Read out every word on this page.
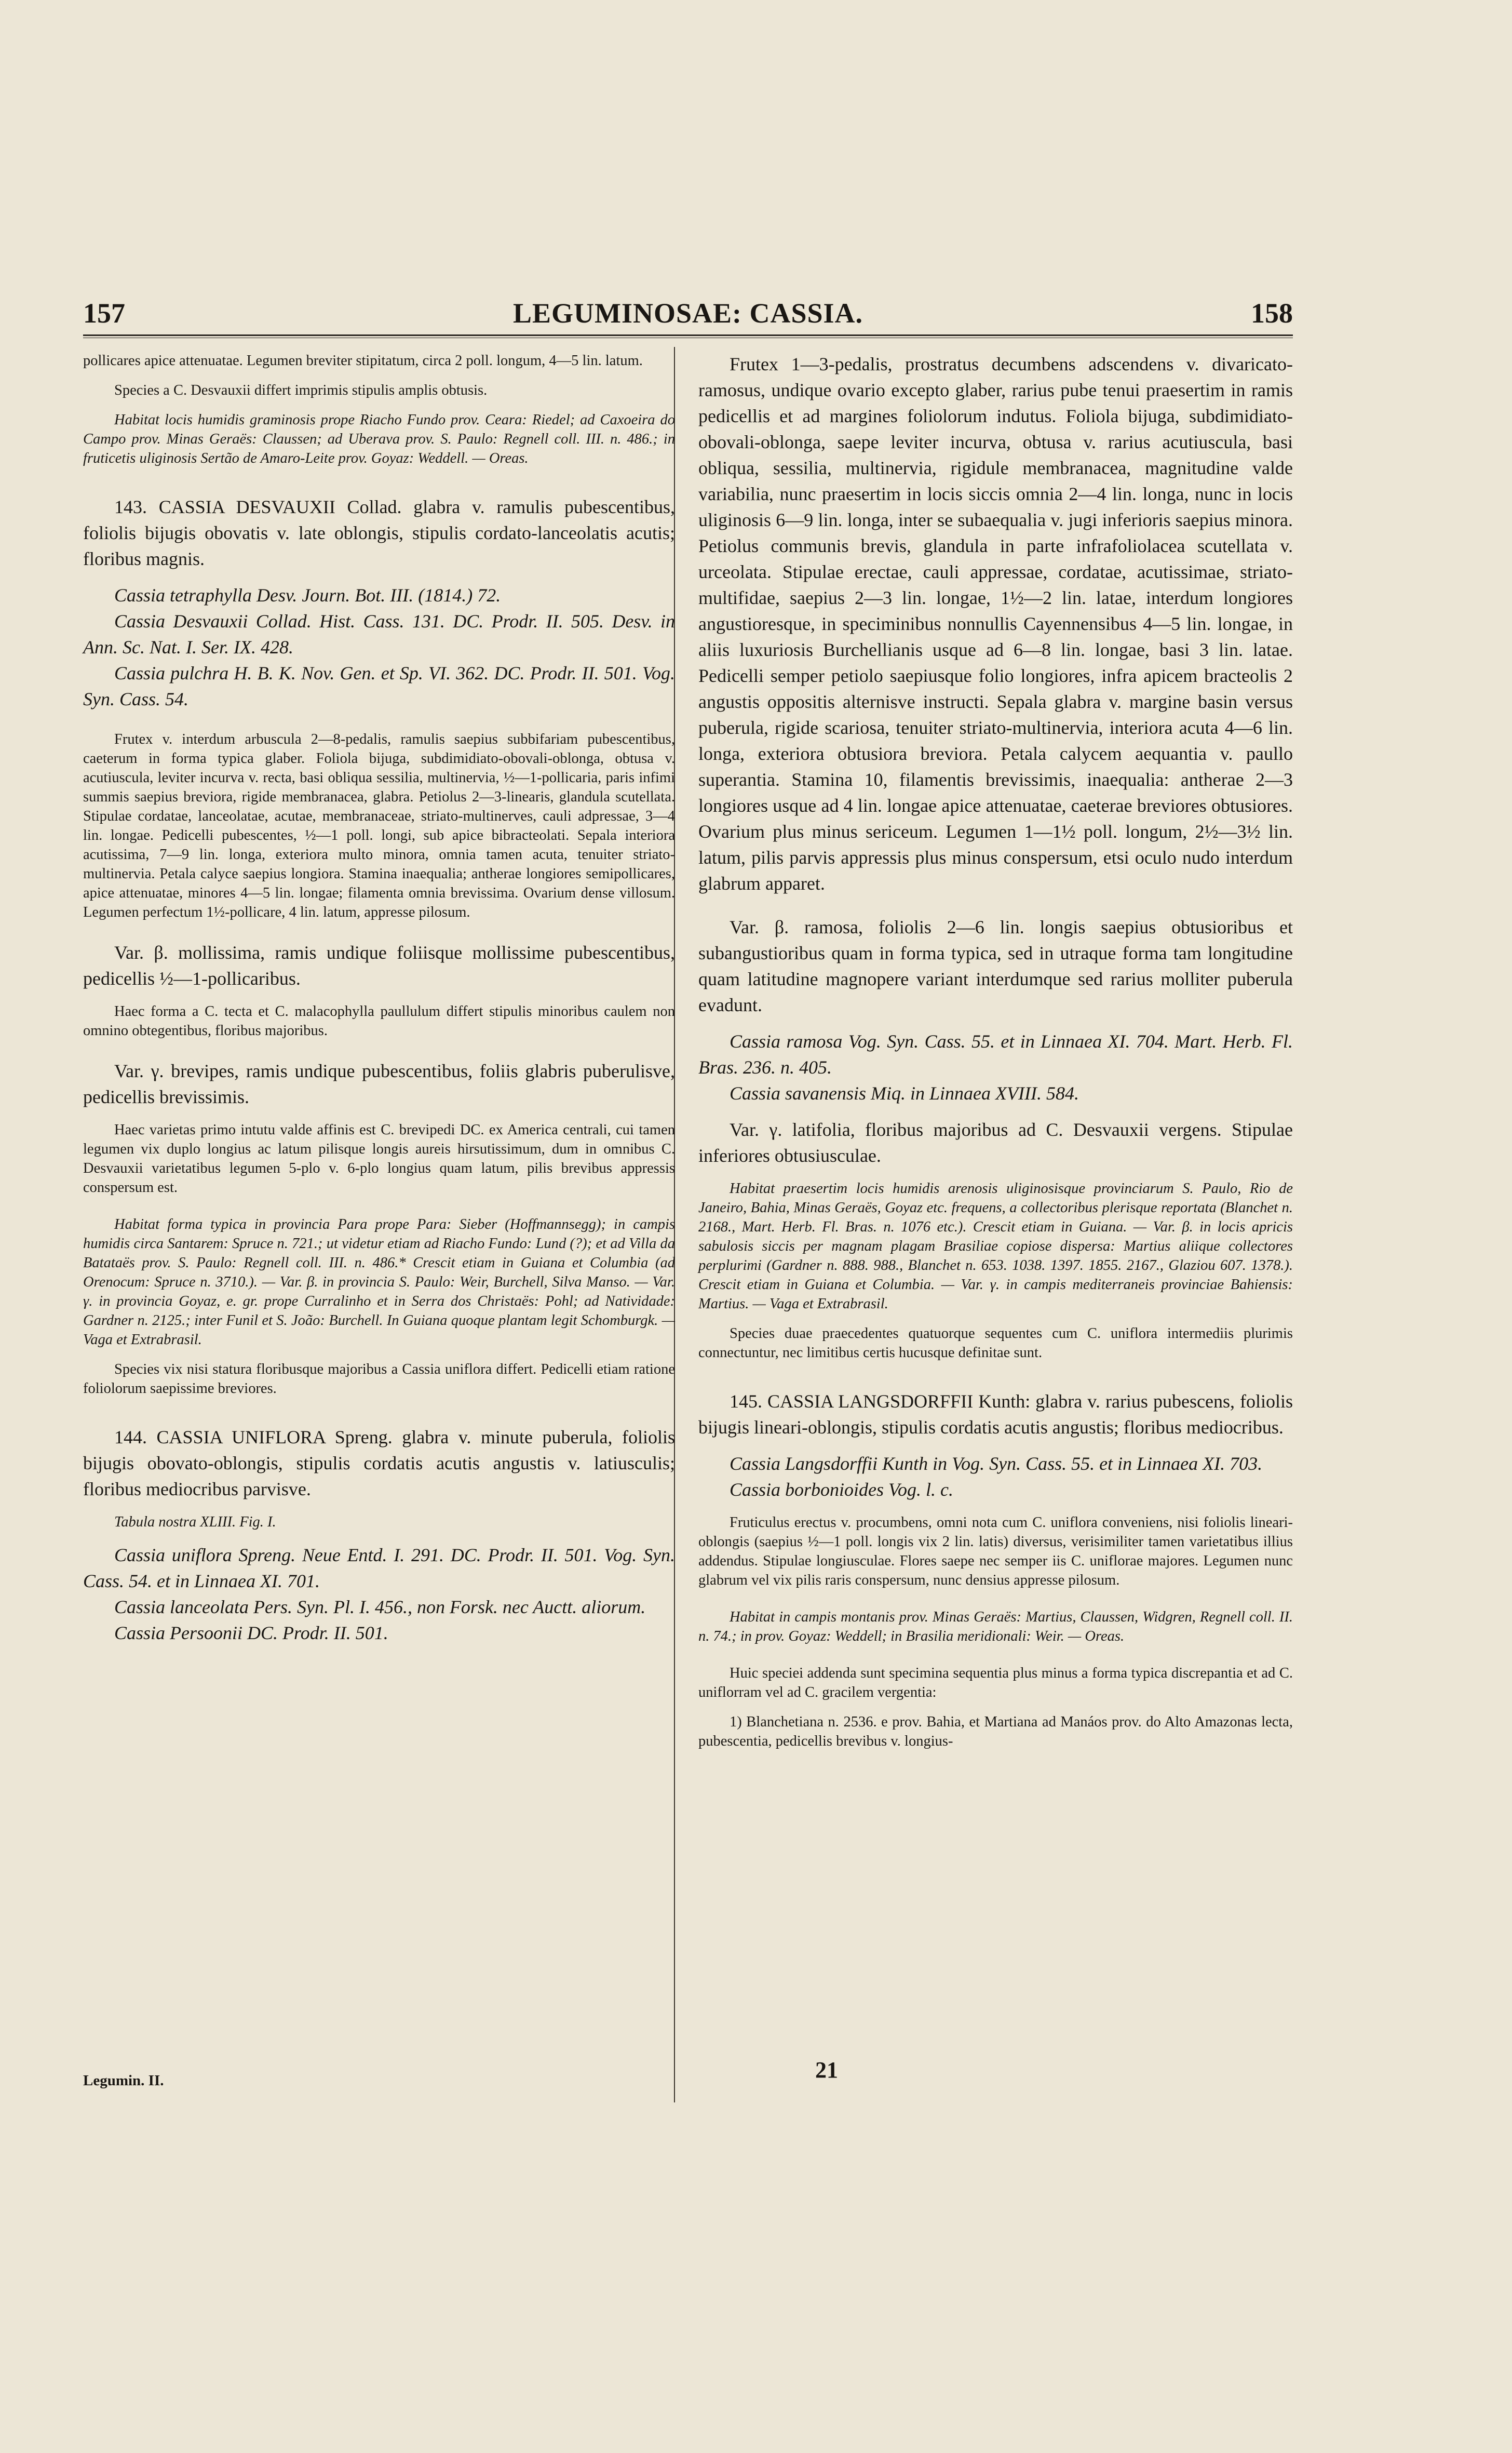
157	LEGUMINOSAE: CASSIA.	158

pollicares apice attenuatae. Legumen breviter stipitatum, circa 2 poll. longum, 4—5 lin. latum.

Species a C. Desvauxii differt imprimis stipulis amplis obtusis.

Habitat locis humidis graminosis prope Riacho Fundo prov. Ceara: Riedel; ad Caxoeira do Campo prov. Minas Geraës: Claussen; ad Uberava prov. S. Paulo: Regnell coll. III. n. 486.; in fruticetis uliginosis Sertão de Amaro-Leite prov. Goyaz: Weddell. — Oreas.

143. CASSIA DESVAUXII Collad. glabra v. ramulis pubescentibus, foliolis bijugis obovatis v. late oblongis, stipulis cordato-lanceolatis acutis; floribus magnis.

Cassia tetraphylla Desv. Journ. Bot. III. (1814.) 72.

Cassia Desvauxii Collad. Hist. Cass. 131. DC. Prodr. II. 505. Desv. in Ann. Sc. Nat. I. Ser. IX. 428.

Cassia pulchra H. B. K. Nov. Gen. et Sp. VI. 362. DC. Prodr. II. 501. Vog. Syn. Cass. 54.

Frutex v. interdum arbuscula 2—8-pedalis, ramulis saepius subbifariam pubescentibus, caeterum in forma typica glaber. Foliola bijuga, subdimidiato-obovali-oblonga, obtusa v. acutiuscula, leviter incurva v. recta, basi obliqua sessilia, multinervia, ½—1-pollicaria, paris infimi summis saepius breviora, rigide membranacea, glabra. Petiolus 2—3-linearis, glandula scutellata. Stipulae cordatae, lanceolatae, acutae, membranaceae, striato-multinerves, cauli adpressae, 3—4 lin. longae. Pedicelli pubescentes, ½—1 poll. longi, sub apice bibracteolati. Sepala interiora acutissima, 7—9 lin. longa, exteriora multo minora, omnia tamen acuta, tenuiter striato-multinervia. Petala calyce saepius longiora. Stamina inaequalia; antherae longiores semipollicares, apice attenuatae, minores 4—5 lin. longae; filamenta omnia brevissima. Ovarium dense villosum. Legumen perfectum 1½-pollicare, 4 lin. latum, appresse pilosum.

Var. β. mollissima, ramis undique foliisque mollissime pubescentibus, pedicellis ½—1-pollicaribus.

Haec forma a C. tecta et C. malacophylla paullulum differt stipulis minoribus caulem non omnino obtegentibus, floribus majoribus.

Var. γ. brevipes, ramis undique pubescentibus, foliis glabris puberulisve, pedicellis brevissimis.

Haec varietas primo intutu valde affinis est C. brevipedi DC. ex America centrali, cui tamen legumen vix duplo longius ac latum pilisque longis aureis hirsutissimum, dum in omnibus C. Desvauxii varietatibus legumen 5-plo v. 6-plo longius quam latum, pilis brevibus appressis conspersum est.

Habitat forma typica in provincia Para prope Para: Sieber (Hoffmannsegg); in campis humidis circa Santarem: Spruce n. 721.; ut videtur etiam ad Riacho Fundo: Lund (?); et ad Villa da Batataës prov. S. Paulo: Regnell coll. III. n. 486.* Crescit etiam in Guiana et Columbia (ad Orenocum: Spruce n. 3710.). — Var. β. in provincia S. Paulo: Weir, Burchell, Silva Manso. — Var. γ. in provincia Goyaz, e. gr. prope Curralinho et in Serra dos Christaës: Pohl; ad Natividade: Gardner n. 2125.; inter Funil et S. João: Burchell. In Guiana quoque plantam legit Schomburgk. — Vaga et Extrabrasil.

Species vix nisi statura floribusque majoribus a Cassia uniflora differt. Pedicelli etiam ratione foliolorum saepissime breviores.

144. CASSIA UNIFLORA Spreng. glabra v. minute puberula, foliolis bijugis obovato-oblongis, stipulis cordatis acutis angustis v. latiusculis; floribus mediocribus parvisve.

Tabula nostra XLIII. Fig. I.

Cassia uniflora Spreng. Neue Entd. I. 291. DC. Prodr. II. 501. Vog. Syn. Cass. 54. et in Linnaea XI. 701.

Cassia lanceolata Pers. Syn. Pl. I. 456., non Forsk. nec Auctt. aliorum.

Cassia Persoonii DC. Prodr. II. 501.

Frutex 1—3-pedalis, prostratus decumbens adscendens v. divaricato-ramosus, undique ovario excepto glaber, rarius pube tenui praesertim in ramis pedicellis et ad margines foliolorum indutus. Foliola bijuga, subdimidiato-obovali-oblonga, saepe leviter incurva, obtusa v. rarius acutiuscula, basi obliqua, sessilia, multinervia, rigidule membranacea, magnitudine valde variabilia, nunc praesertim in locis siccis omnia 2—4 lin. longa, nunc in locis uliginosis 6—9 lin. longa, inter se subaequalia v. jugi inferioris saepius minora. Petiolus communis brevis, glandula in parte infrafoliolacea scutellata v. urceolata. Stipulae erectae, cauli appressae, cordatae, acutissimae, striato-multifidae, saepius 2—3 lin. longae, 1½—2 lin. latae, interdum longiores angustioresque, in speciminibus nonnullis Cayennensibus 4—5 lin. longae, in aliis luxuriosis Burchellianis usque ad 6—8 lin. longae, basi 3 lin. latae. Pedicelli semper petiolo saepiusque folio longiores, infra apicem bracteolis 2 angustis oppositis alternisve instructi. Sepala glabra v. margine basin versus puberula, rigide scariosa, tenuiter striato-multinervia, interiora acuta 4—6 lin. longa, exteriora obtusiora breviora. Petala calycem aequantia v. paullo superantia. Stamina 10, filamentis brevissimis, inaequalia: antherae 2—3 longiores usque ad 4 lin. longae apice attenuatae, caeterae breviores obtusiores. Ovarium plus minus sericeum. Legumen 1—1½ poll. longum, 2½—3½ lin. latum, pilis parvis appressis plus minus conspersum, etsi oculo nudo interdum glabrum apparet.

Var. β. ramosa, foliolis 2—6 lin. longis saepius obtusioribus et subangustioribus quam in forma typica, sed in utraque forma tam longitudine quam latitudine magnopere variant interdumque sed rarius molliter puberula evadunt.

Cassia ramosa Vog. Syn. Cass. 55. et in Linnaea XI. 704. Mart. Herb. Fl. Bras. 236. n. 405.

Cassia savanensis Miq. in Linnaea XVIII. 584.

Var. γ. latifolia, floribus majoribus ad C. Desvauxii vergens. Stipulae inferiores obtusiusculae.

Habitat praesertim locis humidis arenosis uliginosisque provinciarum S. Paulo, Rio de Janeiro, Bahia, Minas Geraës, Goyaz etc. frequens, a collectoribus plerisque reportata (Blanchet n. 2168., Mart. Herb. Fl. Bras. n. 1076 etc.). Crescit etiam in Guiana. — Var. β. in locis apricis sabulosis siccis per magnam plagam Brasiliae copiose dispersa: Martius aliique collectores perplurimi (Gardner n. 888. 988., Blanchet n. 653. 1038. 1397. 1855. 2167., Glaziou 607. 1378.). Crescit etiam in Guiana et Columbia. — Var. γ. in campis mediterraneis provinciae Bahiensis: Martius. — Vaga et Extrabrasil.

Species duae praecedentes quatuorque sequentes cum C. uniflora intermediis plurimis connectuntur, nec limitibus certis hucusque definitae sunt.

145. CASSIA LANGSDORFFII Kunth: glabra v. rarius pubescens, foliolis bijugis lineari-oblongis, stipulis cordatis acutis angustis; floribus mediocribus.

Cassia Langsdorffii Kunth in Vog. Syn. Cass. 55. et in Linnaea XI. 703.

Cassia borbonioides Vog. l. c.

Fruticulus erectus v. procumbens, omni nota cum C. uniflora conveniens, nisi foliolis lineari-oblongis (saepius ½—1 poll. longis vix 2 lin. latis) diversus, verisimiliter tamen varietatibus illius addendus. Stipulae longiusculae. Flores saepe nec semper iis C. uniflorae majores. Legumen nunc glabrum vel vix pilis raris conspersum, nunc densius appresse pilosum.

Habitat in campis montanis prov. Minas Geraës: Martius, Claussen, Widgren, Regnell coll. II. n. 74.; in prov. Goyaz: Weddell; in Brasilia meridionali: Weir. — Oreas.

Huic speciei addenda sunt specimina sequentia plus minus a forma typica discrepantia et ad C. uniflorram vel ad C. gracilem vergentia:

1) Blanchetiana n. 2536. e prov. Bahia, et Martiana ad Manáos prov. do Alto Amazonas lecta, pubescentia, pedicellis brevibus v. longius-

Legumin. II.	21
